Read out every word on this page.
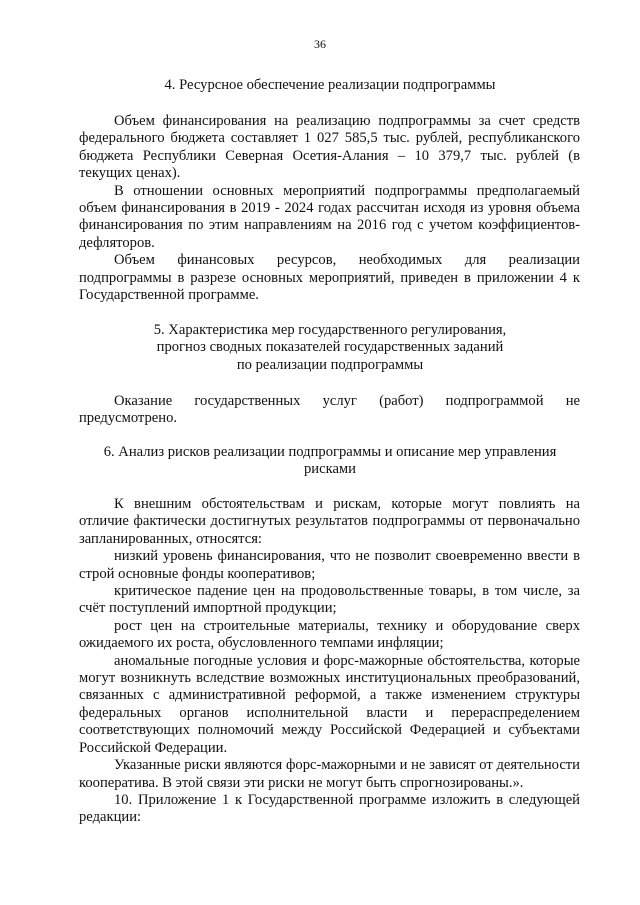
36
4. Ресурсное обеспечение реализации подпрограммы

Объем финансирования на реализацию подпрограммы за счет средств федерального бюджета составляет 1 027 585,5 тыс. рублей, республиканского бюджета Республики Северная Осетия-Алания – 10 379,7 тыс. рублей (в текущих ценах).

В отношении основных мероприятий подпрограммы предполагаемый объем финансирования в 2019 - 2024 годах рассчитан исходя из уровня объема финансирования по этим направлениям на 2016 год с учетом коэффициентов-дефляторов.

Объем финансовых ресурсов, необходимых для реализации подпрограммы в разрезе основных мероприятий, приведен в приложении 4 к Государственной программе.

5. Характеристика мер государственного регулирования,
прогноз сводных показателей государственных заданий
по реализации подпрограммы

Оказание государственных услуг (работ) подпрограммой не предусмотрено.

6. Анализ рисков реализации подпрограммы и описание мер управления
рисками

К внешним обстоятельствам и рискам, которые могут повлиять на отличие фактически достигнутых результатов подпрограммы от первоначально запланированных, относятся:

низкий уровень финансирования, что не позволит своевременно ввести в строй основные фонды кооперативов;

критическое падение цен на продовольственные товары, в том числе, за счёт поступлений импортной продукции;

рост цен на строительные материалы, технику и оборудование сверх ожидаемого их роста, обусловленного темпами инфляции;

аномальные погодные условия и форс-мажорные обстоятельства, которые могут возникнуть вследствие возможных институциональных преобразований, связанных с административной реформой, а также изменением структуры федеральных органов исполнительной власти и перераспределением соответствующих полномочий между Российской Федерацией и субъектами Российской Федерации.

Указанные риски являются форс-мажорными и не зависят от деятельности кооператива. В этой связи эти риски не могут быть спрогнозированы.».

10. Приложение 1 к Государственной программе изложить в следующей редакции:
